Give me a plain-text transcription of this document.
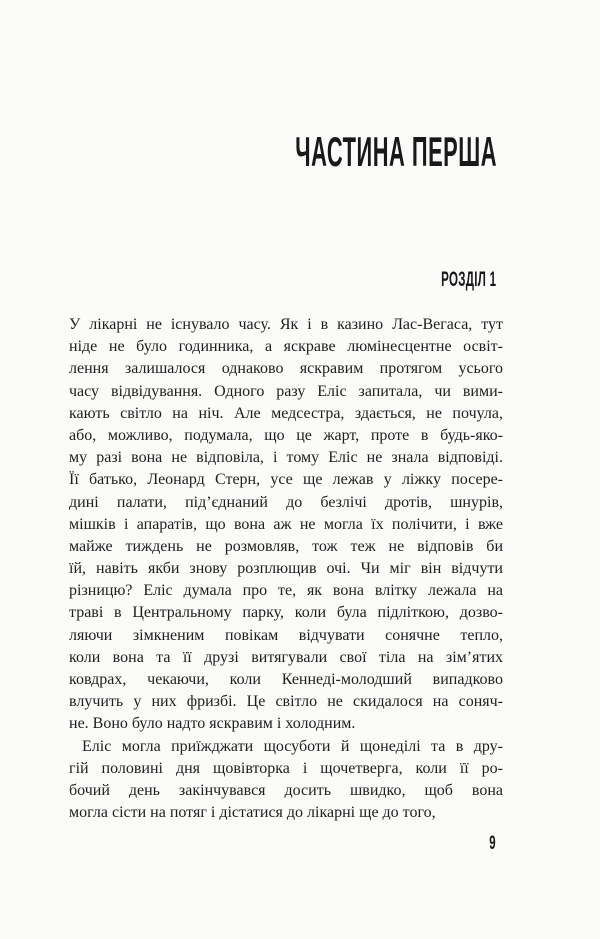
ЧАСТИНА ПЕРША
РОЗДІЛ 1
У лікарні не існувало часу. Як і в казино Лас-Вегаса, тут
ніде не було годинника, а яскраве люмінесцентне освіт-
лення залишалося однаково яскравим протягом усього
часу відвідування. Одного разу Еліс запитала, чи вими-
кають світло на ніч. Але медсестра, здається, не почула,
або, можливо, подумала, що це жарт, проте в будь-яко-
му разі вона не відповіла, і тому Еліс не знала відповіді.
Її батько, Леонард Стерн, усе ще лежав у ліжку посере-
дині палати, під’єднаний до безлічі дротів, шнурів,
мішків і апаратів, що вона аж не могла їх полічити, і вже
майже тиждень не розмовляв, тож теж не відповів би
їй, навіть якби знову розплющив очі. Чи міг він відчути
різницю? Еліс думала про те, як вона влітку лежала на
траві в Центральному парку, коли була підліткою, дозво-
ляючи зімкненим повікам відчувати сонячне тепло,
коли вона та її друзі витягували свої тіла на зім’ятих
ковдрах, чекаючи, коли Кеннеді-молодший випадково
влучить у них фризбі. Це світло не скидалося на соняч-
не. Воно було надто яскравим і холодним.
Еліс могла приїжджати щосуботи й щонеділі та в дру-
гій половині дня щовівторка і щочетверга, коли її ро-
бочий день закінчувався досить швидко, щоб вона
могла сісти на потяг і дістатися до лікарні ще до того,
9
